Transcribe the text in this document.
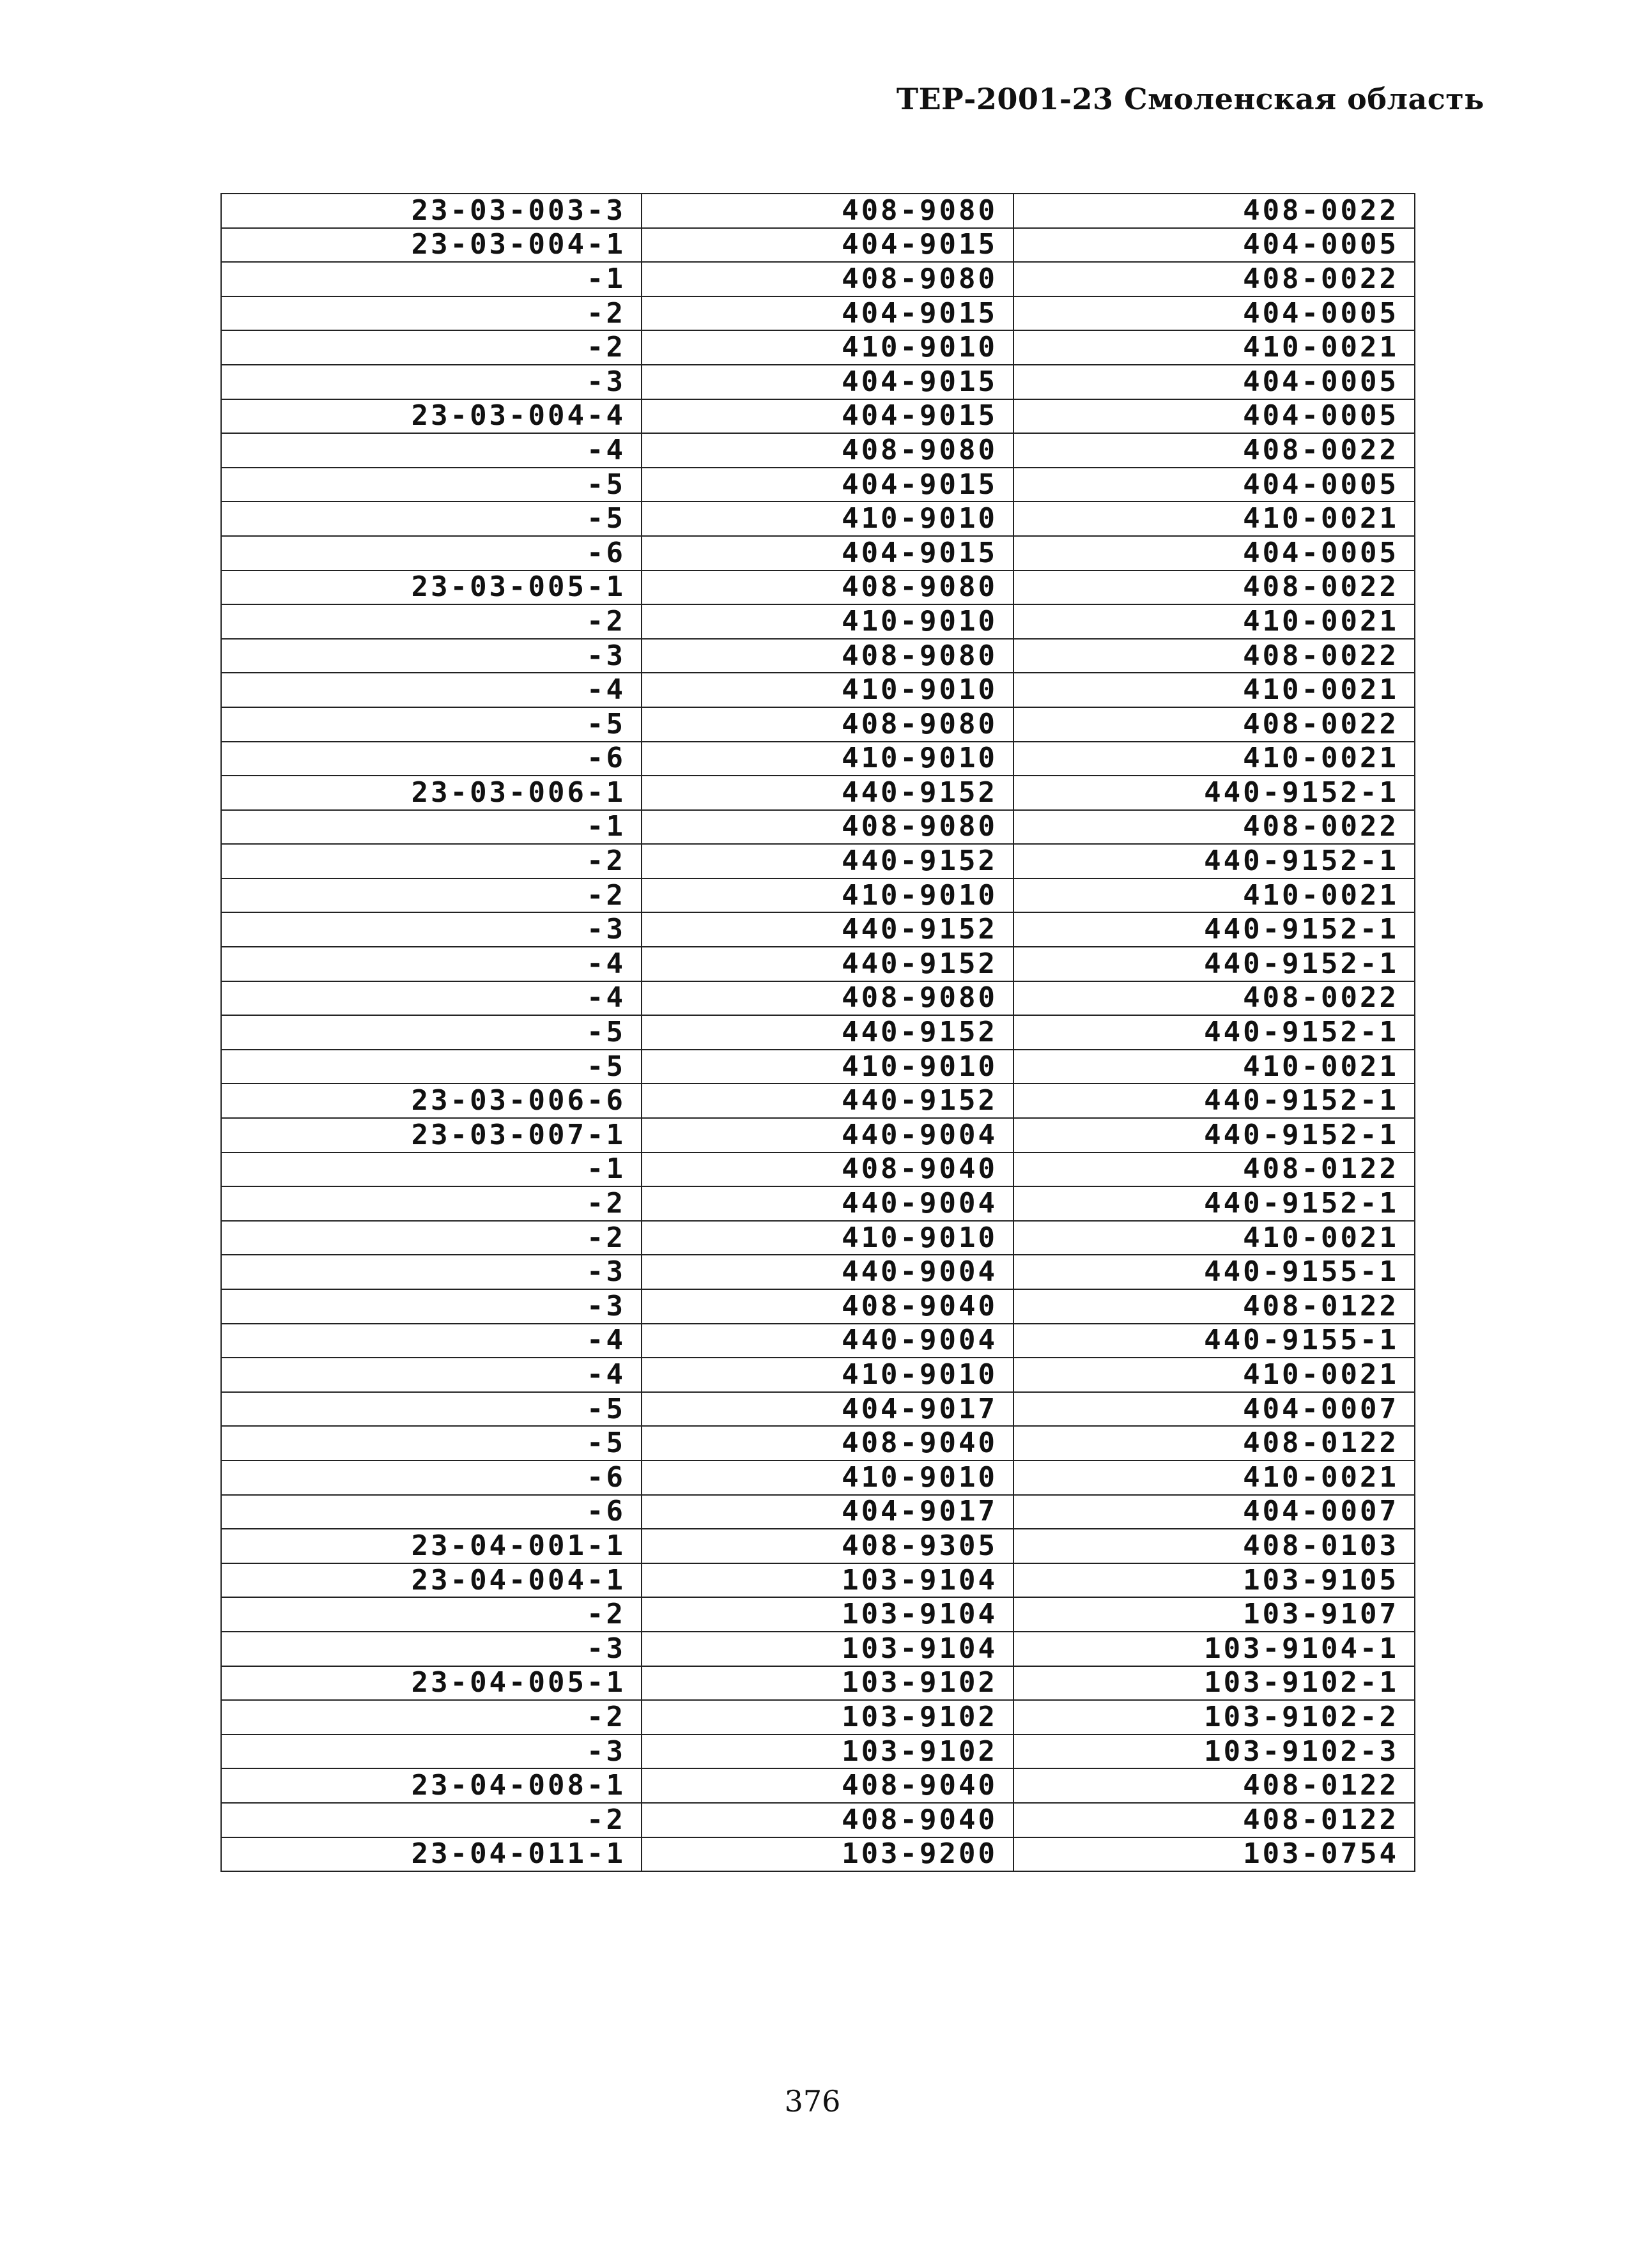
ТЕР-2001-23 Смоленская область
23-03-003-3	408-9080	408-0022
23-03-004-1	404-9015	404-0005
-1	408-9080	408-0022
-2	404-9015	404-0005
-2	410-9010	410-0021
-3	404-9015	404-0005
23-03-004-4	404-9015	404-0005
-4	408-9080	408-0022
-5	404-9015	404-0005
-5	410-9010	410-0021
-6	404-9015	404-0005
23-03-005-1	408-9080	408-0022
-2	410-9010	410-0021
-3	408-9080	408-0022
-4	410-9010	410-0021
-5	408-9080	408-0022
-6	410-9010	410-0021
23-03-006-1	440-9152	440-9152-1
-1	408-9080	408-0022
-2	440-9152	440-9152-1
-2	410-9010	410-0021
-3	440-9152	440-9152-1
-4	440-9152	440-9152-1
-4	408-9080	408-0022
-5	440-9152	440-9152-1
-5	410-9010	410-0021
23-03-006-6	440-9152	440-9152-1
23-03-007-1	440-9004	440-9152-1
-1	408-9040	408-0122
-2	440-9004	440-9152-1
-2	410-9010	410-0021
-3	440-9004	440-9155-1
-3	408-9040	408-0122
-4	440-9004	440-9155-1
-4	410-9010	410-0021
-5	404-9017	404-0007
-5	408-9040	408-0122
-6	410-9010	410-0021
-6	404-9017	404-0007
23-04-001-1	408-9305	408-0103
23-04-004-1	103-9104	103-9105
-2	103-9104	103-9107
-3	103-9104	103-9104-1
23-04-005-1	103-9102	103-9102-1
-2	103-9102	103-9102-2
-3	103-9102	103-9102-3
23-04-008-1	408-9040	408-0122
-2	408-9040	408-0122
23-04-011-1	103-9200	103-0754
376
